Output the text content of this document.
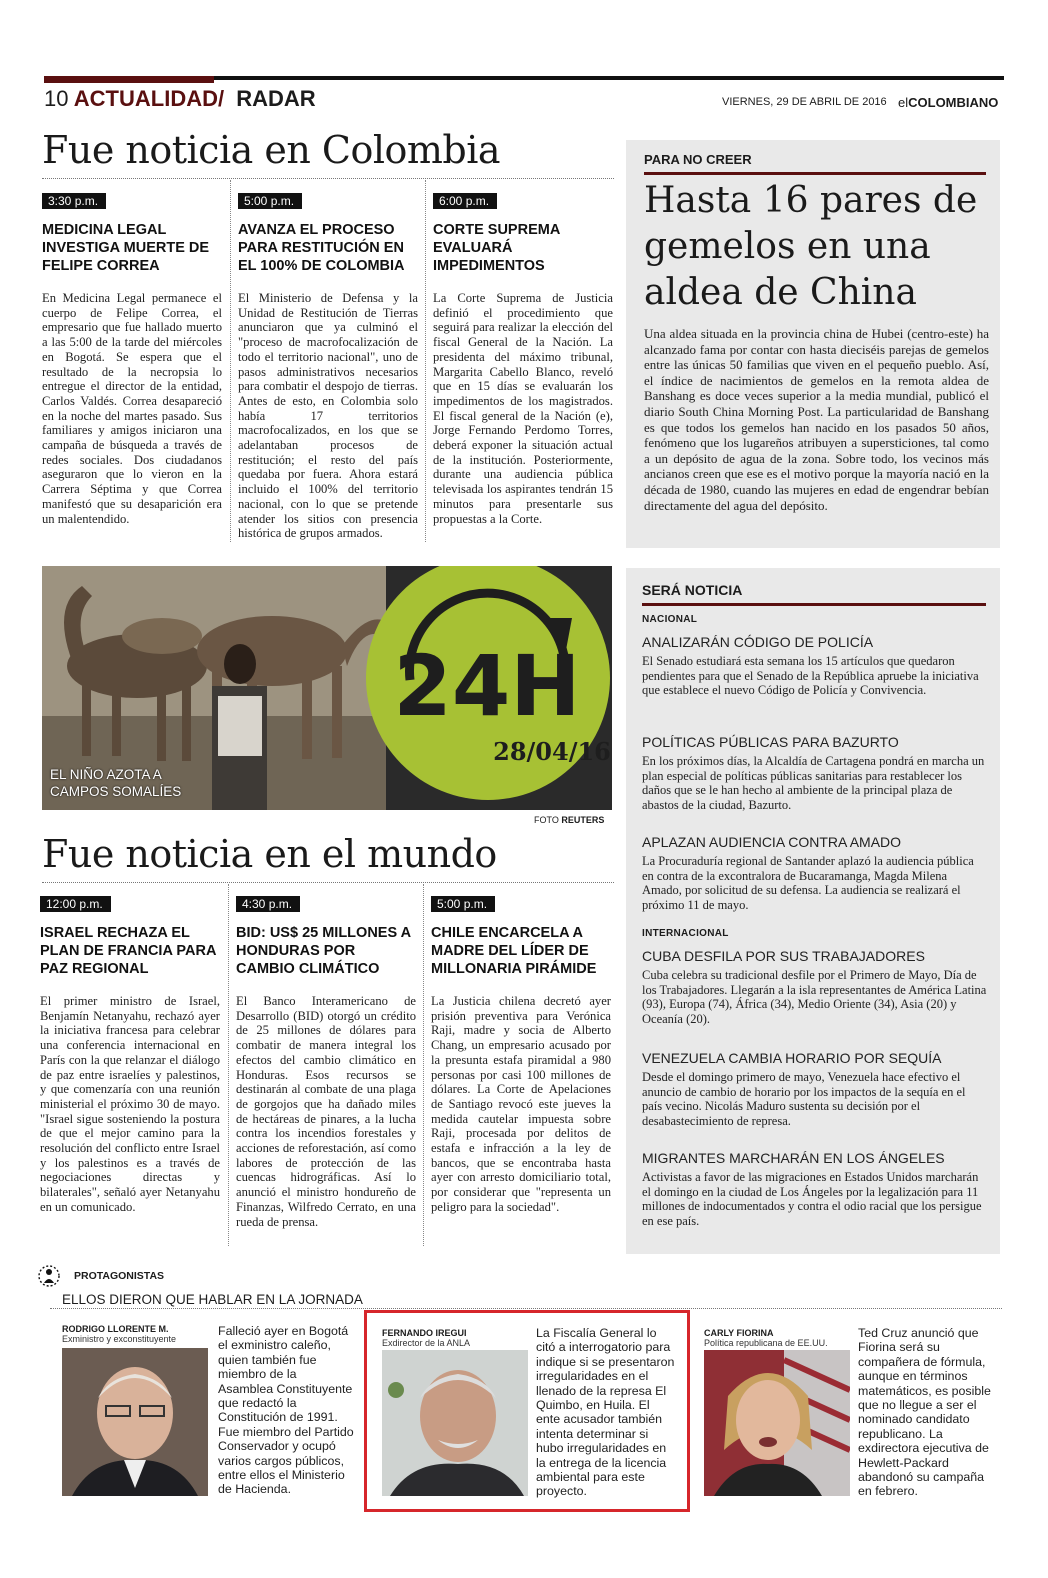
10 ACTUALIDAD/ RADAR	VIERNES, 29 DE ABRIL DE 2016 elCOLOMBIANO
Fue noticia en Colombia
3:30 p.m.
MEDICINA LEGAL INVESTIGA MUERTE DE FELIPE CORREA
En Medicina Legal permanece el cuerpo de Felipe Correa, el empresario que fue hallado muerto a las 5:00 de la tarde del miércoles en Bogotá. Se espera que el resultado de la necropsia lo entregue el director de la entidad, Carlos Valdés. Correa desapareció en la noche del martes pasado. Sus familiares y amigos iniciaron una campaña de búsqueda a través de redes sociales. Dos ciudadanos aseguraron que lo vieron en la Carrera Séptima y que Correa manifestó que su desaparición era un malentendido.
5:00 p.m.
AVANZA EL PROCESO PARA RESTITUCIÓN EN EL 100% DE COLOMBIA
El Ministerio de Defensa y la Unidad de Restitución de Tierras anunciaron que ya culminó el "proceso de macrofocalización de todo el territorio nacional", uno de pasos administrativos necesarios para combatir el despojo de tierras. Antes de esto, en Colombia solo había 17 territorios macrofocalizados, en los que se adelantaban procesos de restitución; el resto del país quedaba por fuera. Ahora estará incluido el 100% del territorio nacional, con lo que se pretende atender los sitios con presencia histórica de grupos armados.
6:00 p.m.
CORTE SUPREMA EVALUARÁ IMPEDIMENTOS
La Corte Suprema de Justicia definió el procedimiento que seguirá para realizar la elección del fiscal General de la Nación. La presidenta del máximo tribunal, Margarita Cabello Blanco, reveló que en 15 días se evaluarán los impedimentos de los magistrados. El fiscal general de la Nación (e), Jorge Fernando Perdomo Torres, deberá exponer la situación actual de la institución. Posteriormente, durante una audiencia pública televisada los aspirantes tendrán 15 minutos para presentarle sus propuestas a la Corte.
PARA NO CREER
Hasta 16 pares de gemelos en una aldea de China
Una aldea situada en la provincia china de Hubei (centro-este) ha alcanzado fama por contar con hasta dieciséis parejas de gemelos entre las únicas 50 familias que viven en el pequeño pueblo. Así, el índice de nacimientos de gemelos en la remota aldea de Banshang es doce veces superior a la media mundial, publicó el diario South China Morning Post. La particularidad de Banshang es que todos los gemelos han nacido en los pasados 50 años, fenómeno que los lugareños atribuyen a supersticiones, tal como a un depósito de agua de la zona. Sobre todo, los vecinos más ancianos creen que ese es el motivo porque la mayoría nació en la década de 1980, cuando las mujeres en edad de engendrar bebían directamente del agua del depósito.
24H
28/04/16
EL NIÑO AZOTA A
CAMPOS SOMALÍES
FOTO REUTERS
Fue noticia en el mundo
12:00 p.m.
ISRAEL RECHAZA EL PLAN DE FRANCIA PARA PAZ REGIONAL
El primer ministro de Israel, Benjamín Netanyahu, rechazó ayer la iniciativa francesa para celebrar una conferencia internacional en París con la que relanzar el diálogo de paz entre israelíes y palestinos, y que comenzaría con una reunión ministerial el próximo 30 de mayo. "Israel sigue sosteniendo la postura de que el mejor camino para la resolución del conflicto entre Israel y los palestinos es a través de negociaciones directas y bilaterales", señaló ayer Netanyahu en un comunicado.
4:30 p.m.
BID: US$ 25 MILLONES A HONDURAS POR CAMBIO CLIMÁTICO
El Banco Interamericano de Desarrollo (BID) otorgó un crédito de 25 millones de dólares para combatir de manera integral los efectos del cambio climático en Honduras. Esos recursos se destinarán al combate de una plaga de gorgojos que ha dañado miles de hectáreas de pinares, a la lucha contra los incendios forestales y acciones de reforestación, así como labores de protección de las cuencas hidrográficas. Así lo anunció el ministro hondureño de Finanzas, Wilfredo Cerrato, en una rueda de prensa.
5:00 p.m.
CHILE ENCARCELA A MADRE DEL LÍDER DE MILLONARIA PIRÁMIDE
La Justicia chilena decretó ayer prisión preventiva para Verónica Raji, madre y socia de Alberto Chang, un empresario acusado por la presunta estafa piramidal a 980 personas por casi 100 millones de dólares. La Corte de Apelaciones de Santiago revocó este jueves la medida cautelar impuesta sobre Raji, procesada por delitos de estafa e infracción a la ley de bancos, que se encontraba hasta ayer con arresto domiciliario total, por considerar que "representa un peligro para la sociedad".
SERÁ NOTICIA
NACIONAL
ANALIZARÁN CÓDIGO DE POLICÍA
El Senado estudiará esta semana los 15 artículos que quedaron pendientes para que el Senado de la República apruebe la iniciativa que establece el nuevo Código de Policía y Convivencia.
POLÍTICAS PÚBLICAS PARA BAZURTO
En los próximos días, la Alcaldía de Cartagena pondrá en marcha un plan especial de políticas públicas sanitarias para restablecer los daños que se le han hecho al ambiente de la principal plaza de abastos de la ciudad, Bazurto.
APLAZAN AUDIENCIA CONTRA AMADO
La Procuraduría regional de Santander aplazó la audiencia pública en contra de la excontralora de Bucaramanga, Magda Milena Amado, por solicitud de su defensa. La audiencia se realizará el próximo 11 de mayo.
INTERNACIONAL
CUBA DESFILA POR SUS TRABAJADORES
Cuba celebra su tradicional desfile por el Primero de Mayo, Día de los Trabajadores. Llegarán a la isla representantes de América Latina (93), Europa (74), África (34), Medio Oriente (34), Asia (20) y Oceanía (20).
VENEZUELA CAMBIA HORARIO POR SEQUÍA
Desde el domingo primero de mayo, Venezuela hace efectivo el anuncio de cambio de horario por los impactos de la sequía en el país vecino. Nicolás Maduro sustenta su decisión por el desabastecimiento de represa.
MIGRANTES MARCHARÁN EN LOS ÁNGELES
Activistas a favor de las migraciones en Estados Unidos marcharán el domingo en la ciudad de Los Ángeles por la legalización para 11 millones de indocumentados y contra el odio racial que los persigue en ese país.
PROTAGONISTAS
ELLOS DIERON QUE HABLAR EN LA JORNADA
RODRIGO LLORENTE M.
Exministro y exconstituyente
Falleció ayer en Bogotá el exministro caleño, quien también fue miembro de la Asamblea Constituyente que redactó la Constitución de 1991. Fue miembro del Partido Conservador y ocupó varios cargos públicos, entre ellos el Ministerio de Hacienda.
FERNANDO IREGUI
Exdirector de la ANLA
La Fiscalía General lo citó a interrogatorio para indique si se presentaron irregularidades en el llenado de la represa El Quimbo, en Huila. El ente acusador también intenta determinar si hubo irregularidades en la entrega de la licencia ambiental para este proyecto.
CARLY FIORINA
Política republicana de EE.UU.
Ted Cruz anunció que Fiorina será su compañera de fórmula, aunque en términos matemáticos, es posible que no llegue a ser el nominado candidato republicano. La exdirectora ejecutiva de Hewlett-Packard abandonó su campaña en febrero.
